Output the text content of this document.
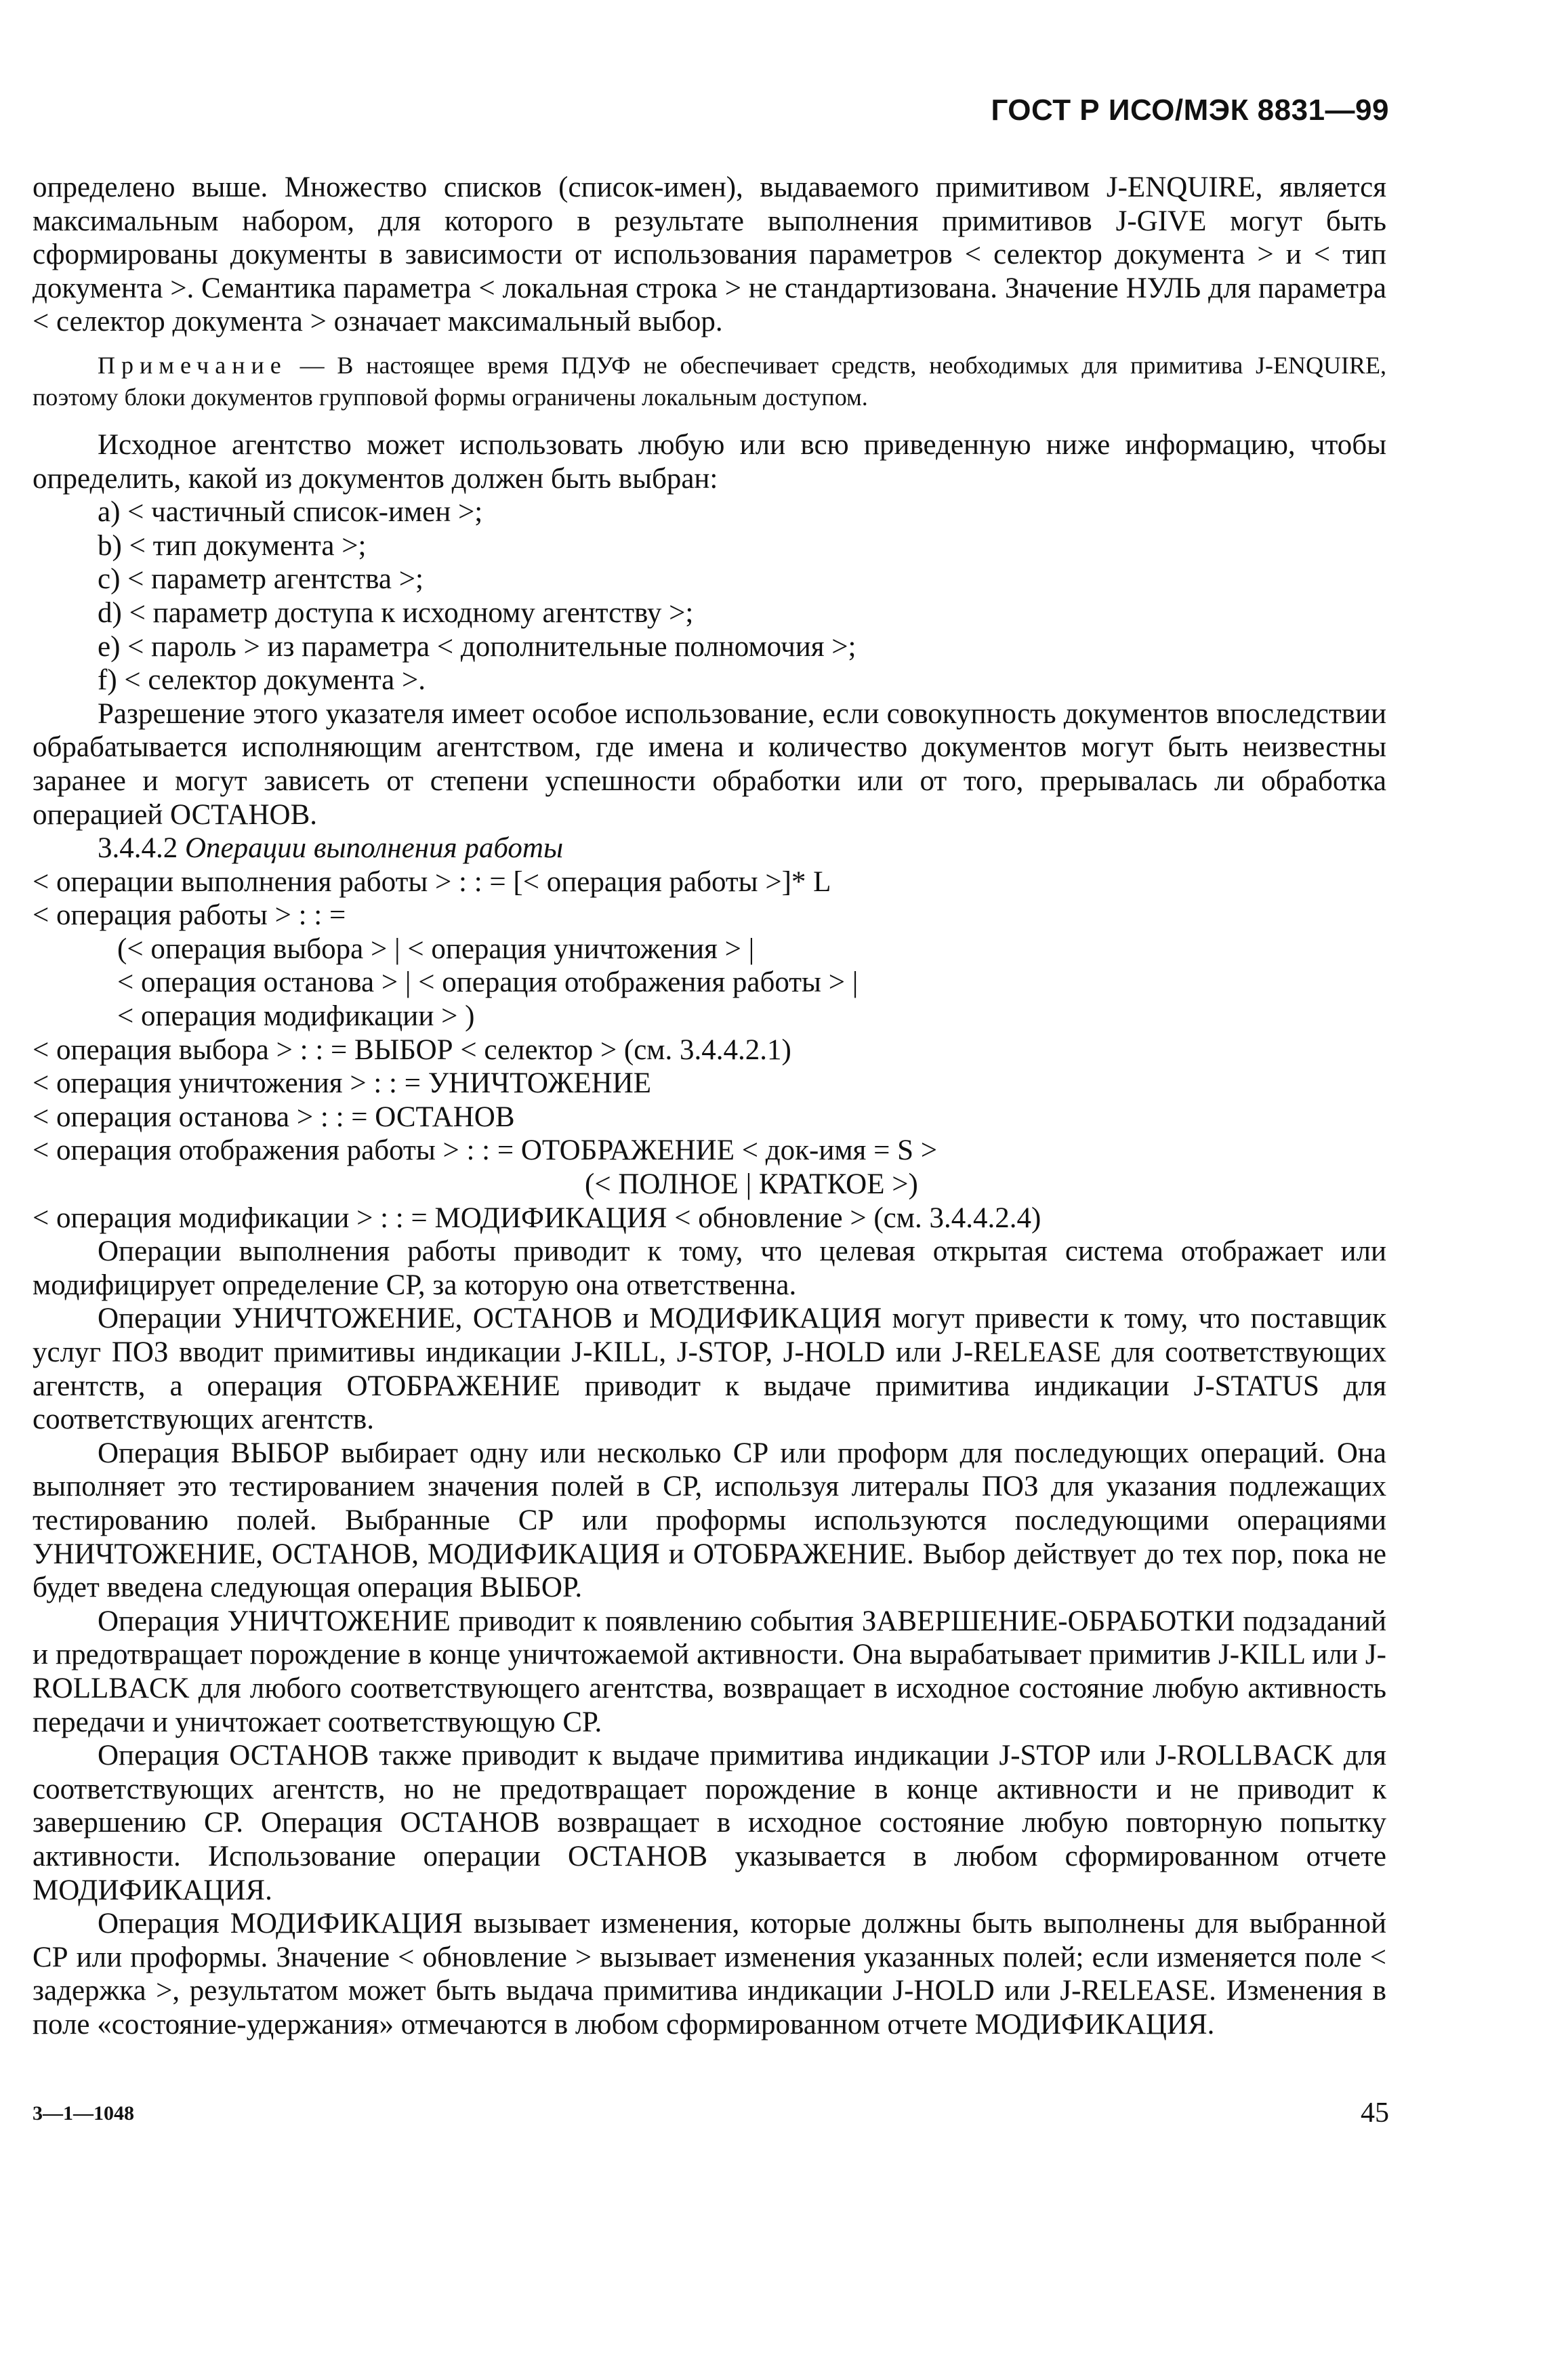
ГОСТ Р ИСО/МЭК 8831—99

определено выше. Множество списков (список-имен), выдаваемого примитивом J-ENQUIRE, является максимальным набором, для которого в результате выполнения примитивов J-GIVE могут быть сформированы документы в зависимости от использования параметров < селектор документа > и < тип документа >. Семантика параметра < локальная строка > не стандартизована. Значение НУЛЬ для параметра < селектор документа > означает максимальный выбор.

Примечание — В настоящее время ПДУФ не обеспечивает средств, необходимых для примитива J-ENQUIRE, поэтому блоки документов групповой формы ограничены локальным доступом.

Исходное агентство может использовать любую или всю приведенную ниже информацию, чтобы определить, какой из документов должен быть выбран:

a) < частичный список-имен >;

b) < тип документа >;

c) < параметр агентства >;

d) < параметр доступа к исходному агентству >;

e) < пароль > из параметра < дополнительные полномочия >;

f) < селектор документа >.

Разрешение этого указателя имеет особое использование, если совокупность документов впоследствии обрабатывается исполняющим агентством, где имена и количество документов могут быть неизвестны заранее и могут зависеть от степени успешности обработки или от того, прерывалась ли обработка операцией ОСТАНОВ.

3.4.4.2 Операции выполнения работы

< операции выполнения работы > : : = [< операция работы >]* L

< операция работы > : : =

(< операция выбора > | < операция уничтожения > |

< операция останова > | < операция отображения работы > |

< операция модификации > )

< операция выбора > : : = ВЫБОР < селектор > (см. 3.4.4.2.1)

< операция уничтожения > : : = УНИЧТОЖЕНИЕ

< операция останова > : : = ОСТАНОВ

< операция отображения работы > : : = ОТОБРАЖЕНИЕ < док-имя = S >

(< ПОЛНОЕ | КРАТКОЕ >)

< операция модификации > : : = МОДИФИКАЦИЯ < обновление > (см. 3.4.4.2.4)

Операции выполнения работы приводит к тому, что целевая открытая система отображает или модифицирует определение СР, за которую она ответственна.

Операции УНИЧТОЖЕНИЕ, ОСТАНОВ и МОДИФИКАЦИЯ могут привести к тому, что поставщик услуг ПОЗ вводит примитивы индикации J-KILL, J-STOP, J-HOLD или J-RELEASE для соответствующих агентств, а операция ОТОБРАЖЕНИЕ приводит к выдаче примитива индикации J-STATUS для соответствующих агентств.

Операция ВЫБОР выбирает одну или несколько СР или проформ для последующих операций. Она выполняет это тестированием значения полей в СР, используя литералы ПОЗ для указания подлежащих тестированию полей. Выбранные СР или проформы используются последующими операциями УНИЧТОЖЕНИЕ, ОСТАНОВ, МОДИФИКАЦИЯ и ОТОБРАЖЕНИЕ. Выбор действует до тех пор, пока не будет введена следующая операция ВЫБОР.

Операция УНИЧТОЖЕНИЕ приводит к появлению события ЗАВЕРШЕНИЕ-ОБРАБОТКИ подзаданий и предотвращает порождение в конце уничтожаемой активности. Она вырабатывает примитив J-KILL или J-ROLLBACK для любого соответствующего агентства, возвращает в исходное состояние любую активность передачи и уничтожает соответствующую СР.

Операция ОСТАНОВ также приводит к выдаче примитива индикации J-STOP или J-ROLLBACK для соответствующих агентств, но не предотвращает порождение в конце активности и не приводит к завершению СР. Операция ОСТАНОВ возвращает в исходное состояние любую повторную попытку активности. Использование операции ОСТАНОВ указывается в любом сформированном отчете МОДИФИКАЦИЯ.

Операция МОДИФИКАЦИЯ вызывает изменения, которые должны быть выполнены для выбранной СР или проформы. Значение < обновление > вызывает изменения указанных полей; если изменяется поле < задержка >, результатом может быть выдача примитива индикации J-HOLD или J-RELEASE. Изменения в поле «состояние-удержания» отмечаются в любом сформированном отчете МОДИФИКАЦИЯ.

3—1—1048	45
